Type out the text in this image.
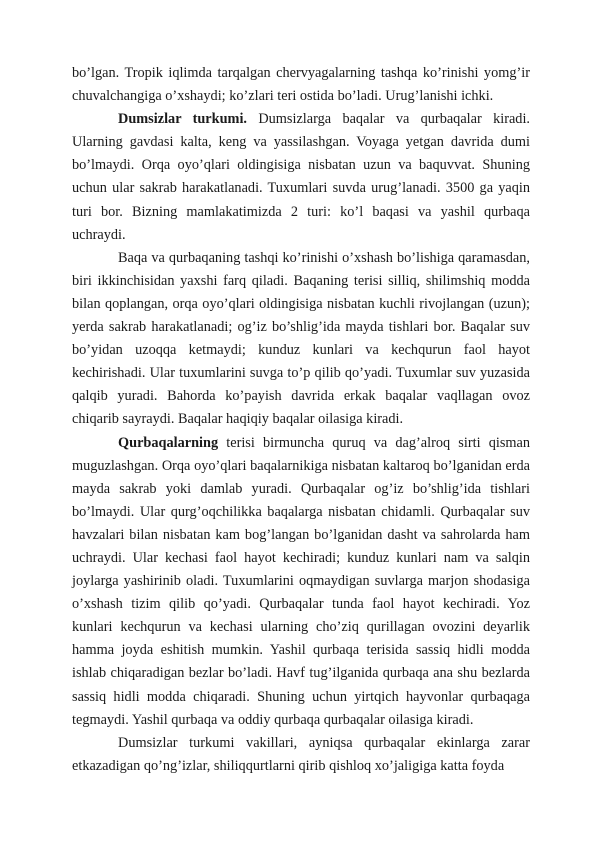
bo’lgan. Tropik iqlimda tarqalgan chervyagalarning tashqa ko’rinishi yomg’ir chuvalchangiga o’xshaydi; ko’zlari teri ostida bo’ladi. Urug’lanishi ichki.

Dumsizlar turkumi. Dumsizlarga baqalar va qurbaqalar kiradi. Ularning gavdasi kalta, keng va yassilashgan. Voyaga yetgan davrida dumi bo’lmaydi. Orqa oyo’qlari oldingisiga nisbatan uzun va baquvvat. Shuning uchun ular sakrab harakatlanadi. Tuxumlari suvda urug’lanadi. 3500 ga yaqin turi bor. Bizning mamlakatimizda 2 turi: ko’l baqasi va yashil qurbaqa uchraydi.

Baqa va qurbaqaning tashqi ko’rinishi o’xshash bo’lishiga qaramasdan, biri ikkinchisidan yaxshi farq qiladi. Baqaning terisi silliq, shilimshiq modda bilan qoplangan, orqa oyo’qlari oldingisiga nisbatan kuchli rivojlangan (uzun); yerda sakrab harakatlanadi; og’iz bo’shlig’ida mayda tishlari bor. Baqalar suv bo’yidan uzoqqa ketmaydi; kunduz kunlari va kechqurun faol hayot kechirishadi. Ular tuxumlarini suvga to’p qilib qo’yadi. Tuxumlar suv yuzasida qalqib yuradi. Bahorda ko’payish davrida erkak baqalar vaqllagan ovoz chiqarib sayraydi. Baqalar haqiqiy baqalar oilasiga kiradi.

Qurbaqalarning terisi birmuncha quruq va dag’alroq sirti qisman muguzlashgan. Orqa oyo’qlari baqalarnikiga nisbatan kaltaroq bo’lganidan erda mayda sakrab yoki damlab yuradi. Qurbaqalar og’iz bo’shlig’ida tishlari bo’lmaydi. Ular qurg’oqchilikka baqalarga nisbatan chidamli. Qurbaqalar suv havzalari bilan nisbatan kam bog’langan bo’lganidan dasht va sahrolarda ham uchraydi. Ular kechasi faol hayot kechiradi; kunduz kunlari nam va salqin joylarga yashirinib oladi. Tuxumlarini oqmaydigan suvlarga marjon shodasiga o’xshash tizim qilib qo’yadi. Qurbaqalar tunda faol hayot kechiradi. Yoz kunlari kechqurun va kechasi ularning cho’ziq qurillagan ovozini deyarlik hamma joyda eshitish mumkin. Yashil qurbaqa terisida sassiq hidli modda ishlab chiqaradigan bezlar bo’ladi. Havf tug’ilganida qurbaqa ana shu bezlarda sassiq hidli modda chiqaradi. Shuning uchun yirtqich hayvonlar qurbaqaga tegmaydi. Yashil qurbaqa va oddiy qurbaqa qurbaqalar oilasiga kiradi.

Dumsizlar turkumi vakillari, ayniqsa qurbaqalar ekinlarga zarar etkazadigan qo’ng’izlar, shiliqqurtlarni qirib qishloq xo’jaligiga katta foyda
